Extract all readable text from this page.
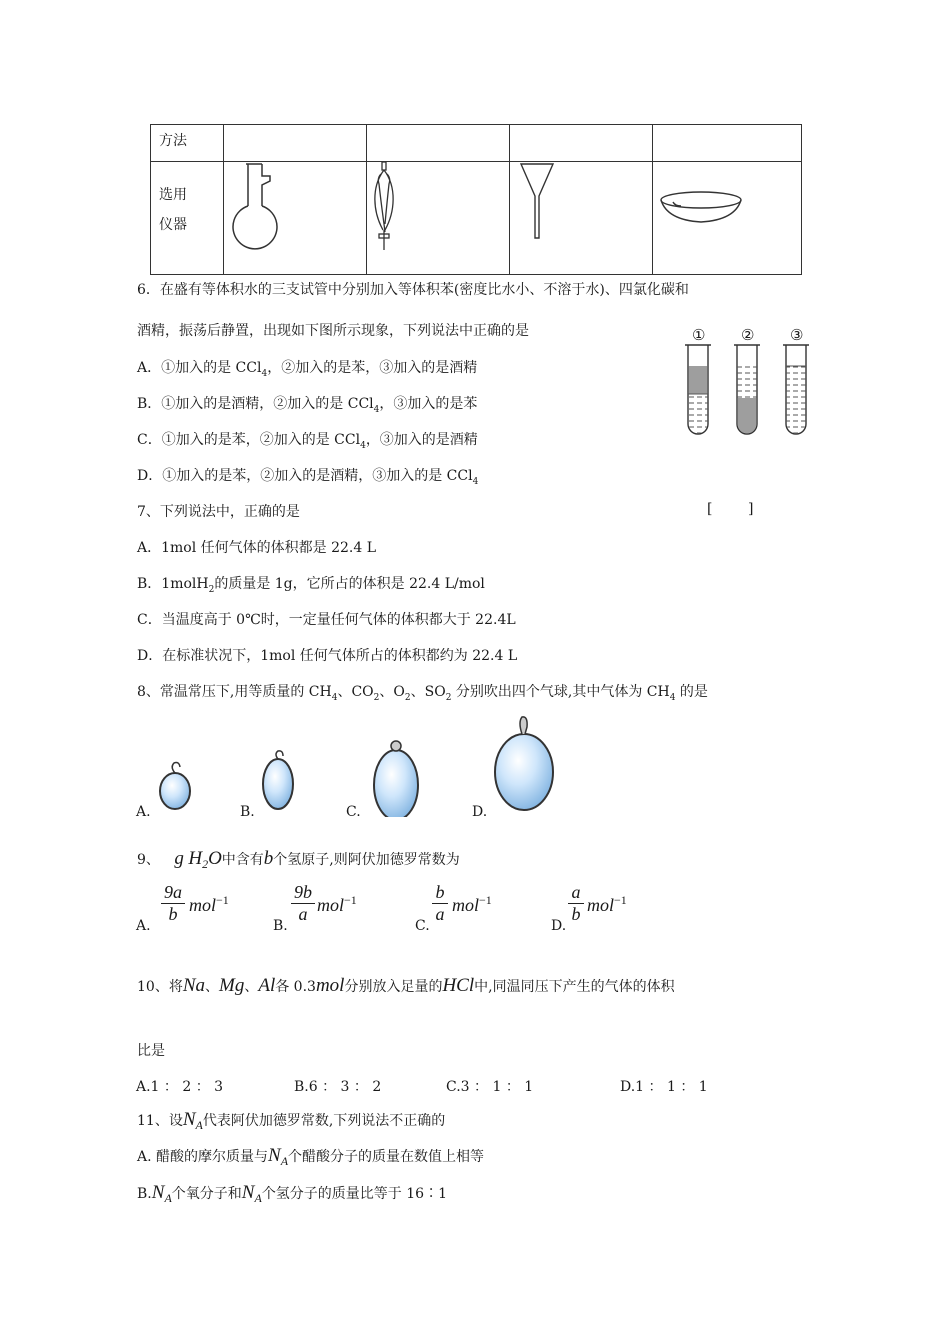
方法				

选用
仪器

6．在盛有等体积水的三支试管中分别加入等体积苯(密度比水小、不溶于水)、四氯化碳和
酒精，振荡后静置，出现如下图所示现象，下列说法中正确的是
A．①加入的是 CCl$_4$，②加入的是苯，③加入的是酒精
B．①加入的是酒精，②加入的是 CCl$_4$，③加入的是苯
C．①加入的是苯，②加入的是 CCl$_4$，③加入的是酒精
D．①加入的是苯，②加入的是酒精，③加入的是 CCl$_4$
① ② ③
7、下列说法中，正确的是	[	]
A．1mol 任何气体的体积都是 22.4 L
B．1molH$_2$的质量是 1g，它所占的体积是 22.4 L/mol
C．当温度高于 0℃时，一定量任何气体的体积都大于 22.4L
D．在标准状况下，1mol 任何气体所占的体积都约为 22.4 L
8、常温常压下,用等质量的 $CH_4$、$CO_2$、$O_2$、$SO_2$ 分别吹出四个气球,其中气体为 $CH_4$ 的是
A.	B.	C.	D.
9、 g $H_2O$中含有b个氢原子,则阿伏加德罗常数为
A.
$\frac{9a}{b} mol^{-1}$
B.
$\frac{9b}{a} mol^{-1}$
C.
$\frac{b}{a} mol^{-1}$
D.
$\frac{a}{b} mol^{-1}$
10、将Na、Mg、Al各 0.3mol分别放入足量的HCl中,同温同压下产生的气体的体积
比是
A.1 ： 2 ： 3	B.6 ： 3 ： 2	C.3 ： 1 ： 1	D.1 ： 1 ： 1
11、设$N_A$代表阿伏加德罗常数,下列说法不正确的
A. 醋酸的摩尔质量与$N_A$个醋酸分子的质量在数值上相等
$B.N_A$个氧分子和$N_A$个氢分子的质量比等于 16∶1
